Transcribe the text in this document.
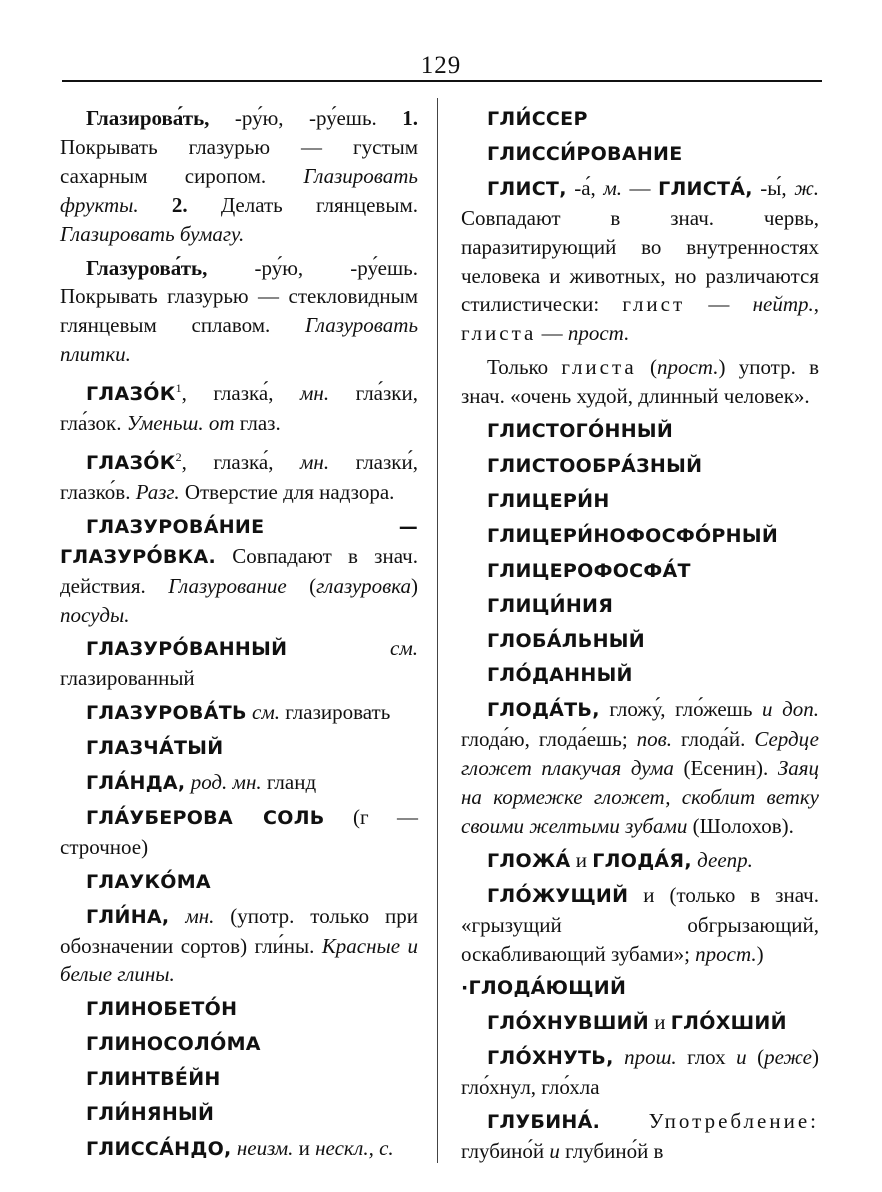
129

Глазирова́ть, -ру́ю, -ру́ешь. 1. Покрывать глазурью — густым сахарным сиропом. Глазировать фрукты. 2. Делать глянцевым. Глазировать бумагу.

Глазурова́ть, -ру́ю, -ру́ешь. Покрывать глазурью — стекловидным глянцевым сплавом. Глазуровать плитки.

$ГЛАЗО́К^1$, глазка́, мн. гла́зки, гла́зок. Уменьш. от глаз.

$ГЛАЗО́К^2$, глазка́, мн. глазки́, глазко́в. Разг. Отверстие для надзора.

ГЛАЗУРОВА́НИЕ — ГЛАЗУРО́ВКА. Совпадают в знач. действия. Глазурование (глазуровка) посуды.

ГЛАЗУРО́ВАННЫЙ	см. глазированный

ГЛАЗУРОВА́ТЬ см. глазировать

ГЛАЗЧА́ТЫЙ

ГЛА́НДА, род. мн. гланд

ГЛА́УБЕРОВА СОЛЬ (г — строчное)

ГЛАУКО́МА

ГЛИ́НА, мн. (употр. только при обозначении сортов) гли́ны. Красные и белые глины.

ГЛИНОБЕТО́Н

ГЛИНОСОЛО́МА

ГЛИНТВЕ́ЙН

ГЛИ́НЯНЫЙ

ГЛИССА́НДО, неизм. и нескл., с.

ГЛИ́ССЕР

ГЛИССИ́РОВАНИЕ

ГЛИСТ, -а́, м. — ГЛИСТА́, -ы́, ж. Совпадают в знач. червь, паразитирующий во внутренностях человека и животных, но различаются стилистически: глист — нейтр., глиста — прост.

Только глиста (прост.) употр. в знач. «очень худой, длинный человек».

ГЛИСТОГО́ННЫЙ

ГЛИСТООБРА́ЗНЫЙ

ГЛИЦЕРИ́Н

ГЛИЦЕРИ́НОФОСФО́РНЫЙ

ГЛИЦЕРОФОСФА́Т

ГЛИЦИ́НИЯ

ГЛОБА́ЛЬНЫЙ

ГЛО́ДАННЫЙ

ГЛОДА́ТЬ, гложу́, гло́жешь и доп. глода́ю, глода́ешь; пов. глода́й. Сердце гложет плакучая дума (Есенин). Заяц на кормежке гложет, скоблит ветку своими желтыми зубами (Шолохов).

ГЛОЖА́ и ГЛОДА́Я, деепр.

ГЛО́ЖУЩИЙ и (только в знач. «грызущий обгрызающий, оскабливающий зубами»; прост.)

·ГЛОДА́ЮЩИЙ

ГЛО́ХНУВШИЙ и ГЛО́ХШИЙ

ГЛО́ХНУТЬ, прош. глох и (реже) гло́хнул, гло́хла

ГЛУБИНА́. Употребление: глубино́й и глубино́й в
